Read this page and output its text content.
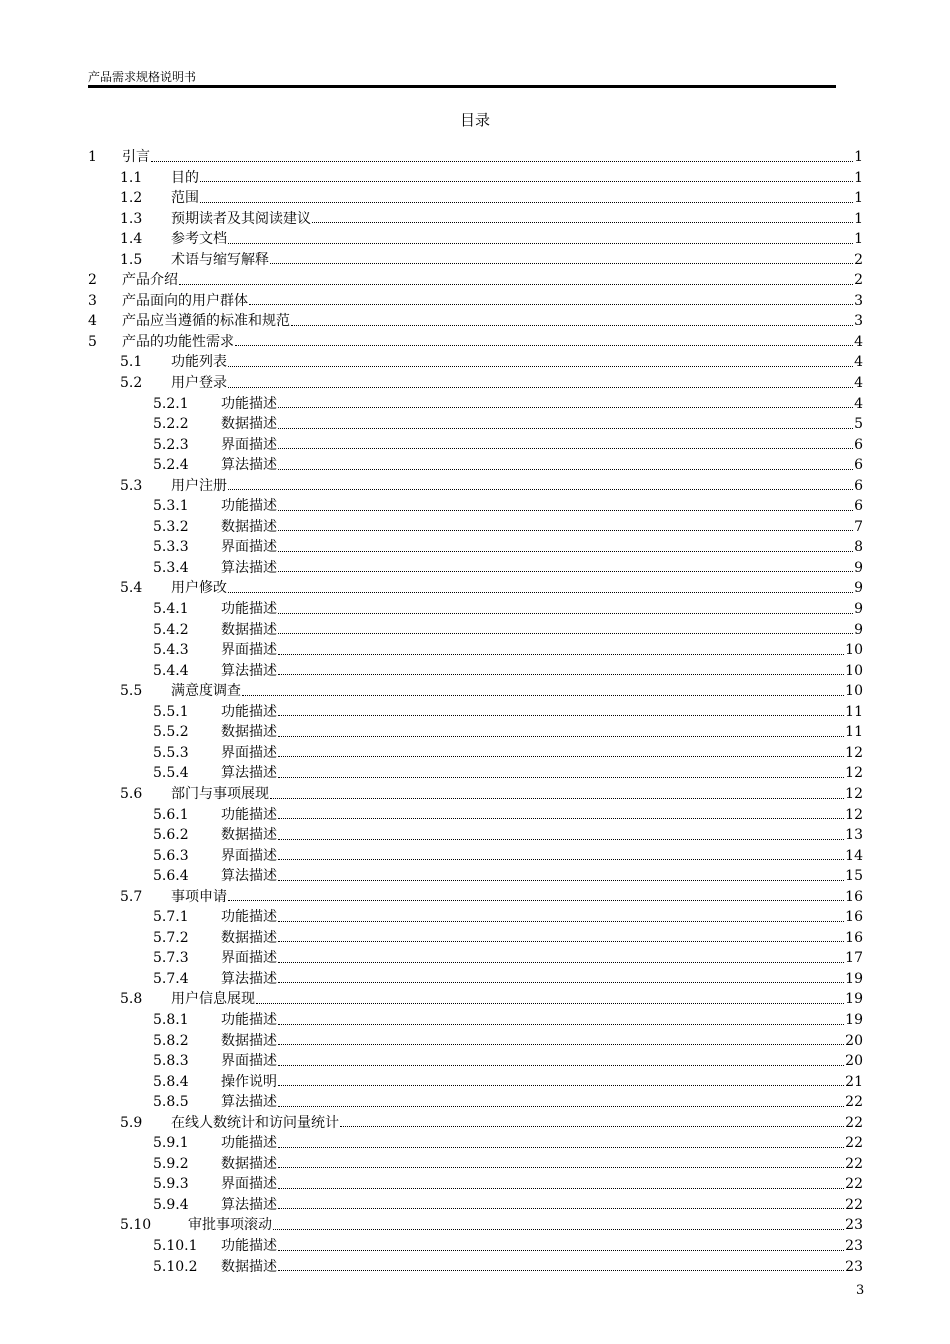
产品需求规格说明书
目录
1 引言	1
1.1 目的	1
1.2 范围	1
1.3 预期读者及其阅读建议	1
1.4 参考文档	1
1.5 术语与缩写解释	2
2 产品介绍	2
3 产品面向的用户群体	3
4 产品应当遵循的标准和规范	3
5 产品的功能性需求	4
5.1 功能列表	4
5.2 用户登录	4
5.2.1 功能描述	4
5.2.2 数据描述	5
5.2.3 界面描述	6
5.2.4 算法描述	6
5.3 用户注册	6
5.3.1 功能描述	6
5.3.2 数据描述	7
5.3.3 界面描述	8
5.3.4 算法描述	9
5.4 用户修改	9
5.4.1 功能描述	9
5.4.2 数据描述	9
5.4.3 界面描述	10
5.4.4 算法描述	10
5.5 满意度调查	10
5.5.1 功能描述	11
5.5.2 数据描述	11
5.5.3 界面描述	12
5.5.4 算法描述	12
5.6 部门与事项展现	12
5.6.1 功能描述	12
5.6.2 数据描述	13
5.6.3 界面描述	14
5.6.4 算法描述	15
5.7 事项申请	16
5.7.1 功能描述	16
5.7.2 数据描述	16
5.7.3 界面描述	17
5.7.4 算法描述	19
5.8 用户信息展现	19
5.8.1 功能描述	19
5.8.2 数据描述	20
5.8.3 界面描述	20
5.8.4 操作说明	21
5.8.5 算法描述	22
5.9 在线人数统计和访问量统计	22
5.9.1 功能描述	22
5.9.2 数据描述	22
5.9.3 界面描述	22
5.9.4 算法描述	22
5.10	审批事项滚动	23
5.10.1 功能描述	23
5.10.2 数据描述	23
3
